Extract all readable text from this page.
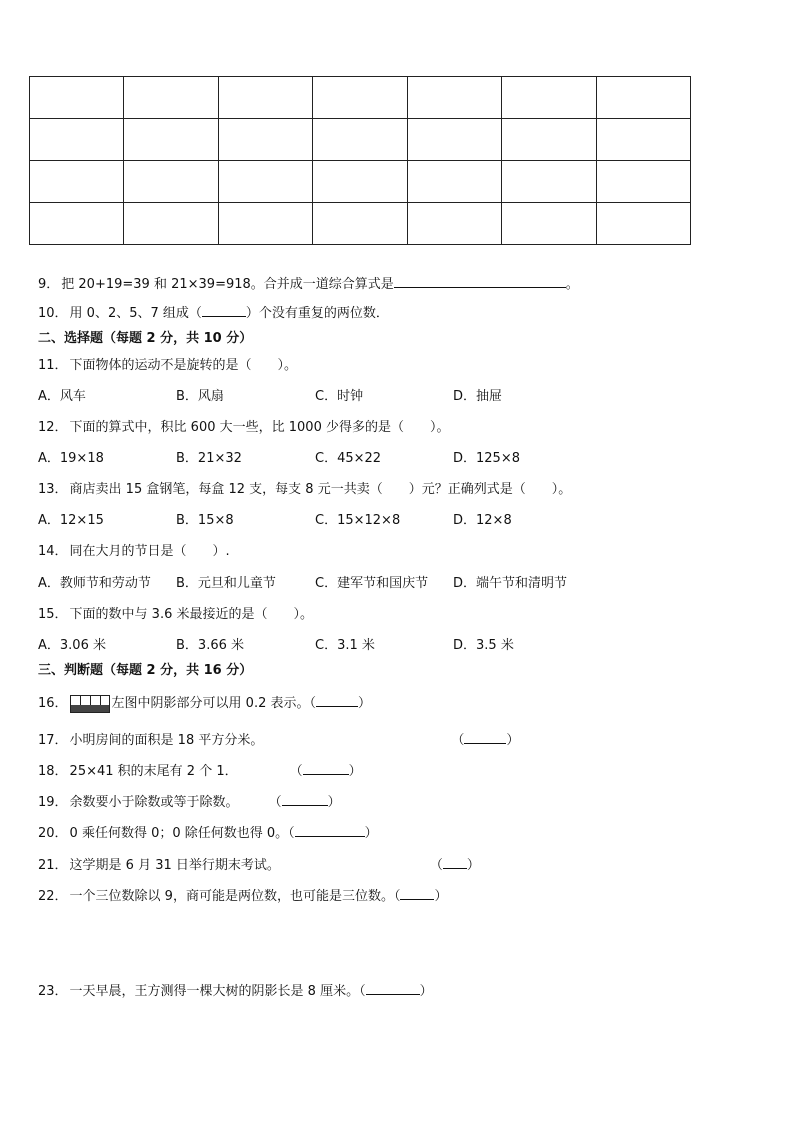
9． 把 20+19=39 和 21×39=918。合并成一道综合算式是	。

10． 用 0、2、5、7 组成（	）个没有重复的两位数．

二、选择题（每题 2 分，共 10 分）

11． 下面物体的运动不是旋转的是（　　）。

A．风车	B．风扇	C．时钟	D．抽屉

12． 下面的算式中，积比 600 大一些，比 1000 少得多的是（　　）。

A．19×18	B．21×32	C．45×22	D．125×8

13． 商店卖出 15 盒钢笔，每盒 12 支，每支 8 元一共卖（　　）元？正确列式是（　　）。

A．12×15	B．15×8	C．15×12×8	D．12×8

14． 同在大月的节日是（　　）.

A．教师节和劳动节 B．元旦和儿童节	C．建军节和国庆节 D．端午节和清明节

15． 下面的数中与 3.6 米最接近的是（　　）。

A．3.06 米	B．3.66 米	C．3.1 米	D．3.5 米

三、判断题（每题 2 分，共 16 分）

16．	左图中阴影部分可以用 0.2 表示。（	）

17． 小明房间的面积是 18 平方分米。	（	）

18． 25×41 积的末尾有 2 个 1．	（	）

19． 余数要小于除数或等于除数。 （	）

20． 0 乘任何数得 0；0 除任何数也得 0。（	）

21． 这学期是 6 月 31 日举行期末考试。	（ ）

22． 一个三位数除以 9，商可能是两位数，也可能是三位数。（	）

23． 一天早晨，王方测得一棵大树的阴影长是 8 厘米。（	）
